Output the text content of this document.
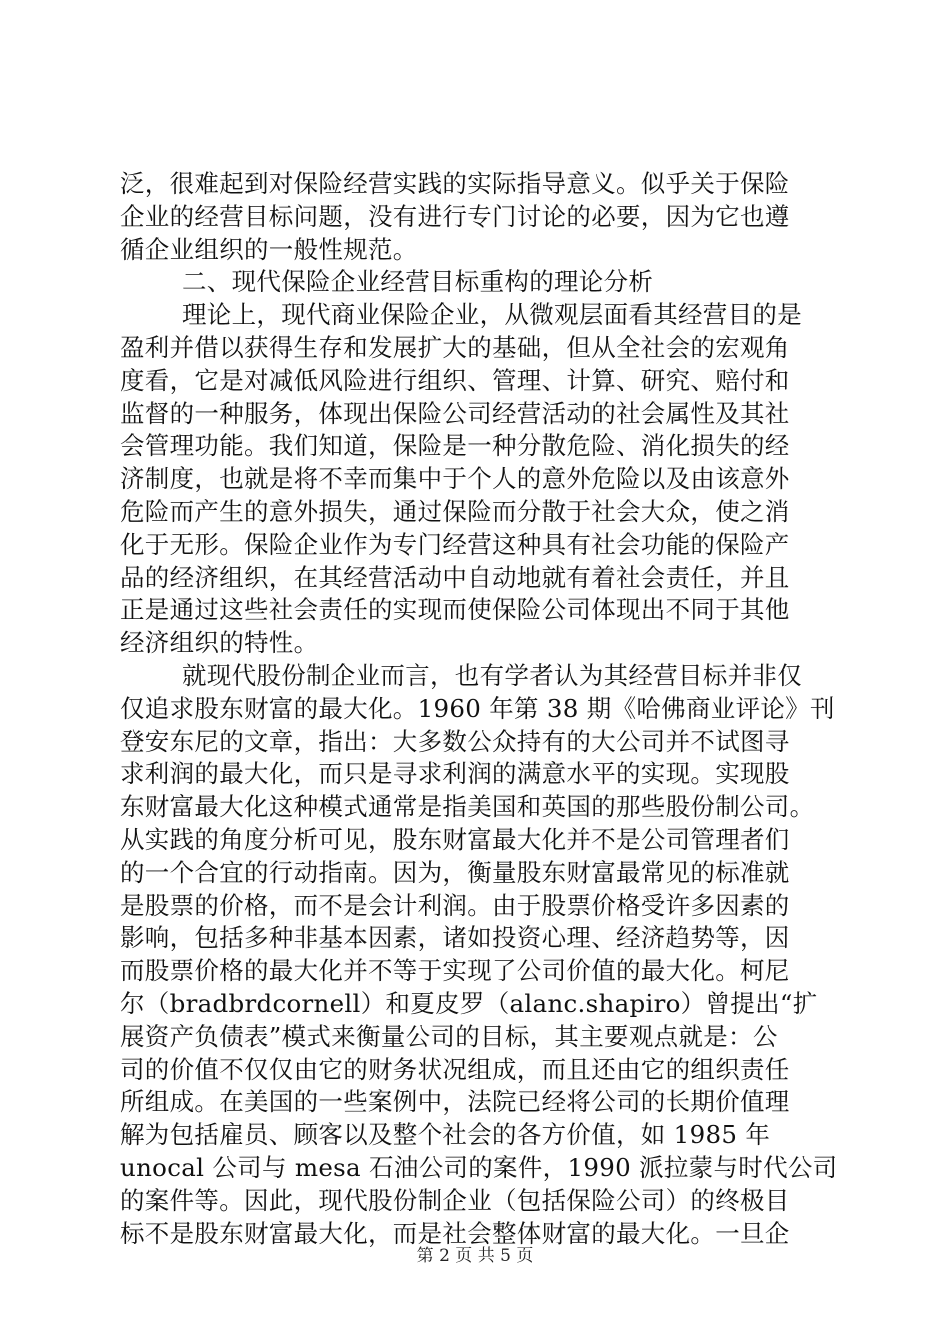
泛，很难起到对保险经营实践的实际指导意义。似乎关于保险
企业的经营目标问题，没有进行专门讨论的必要，因为它也遵
循企业组织的一般性规范。
二、现代保险企业经营目标重构的理论分析
理论上，现代商业保险企业，从微观层面看其经营目的是
盈利并借以获得生存和发展扩大的基础，但从全社会的宏观角
度看，它是对减低风险进行组织、管理、计算、研究、赔付和
监督的一种服务，体现出保险公司经营活动的社会属性及其社
会管理功能。我们知道，保险是一种分散危险、消化损失的经
济制度，也就是将不幸而集中于个人的意外危险以及由该意外
危险而产生的意外损失，通过保险而分散于社会大众，使之消
化于无形。保险企业作为专门经营这种具有社会功能的保险产
品的经济组织，在其经营活动中自动地就有着社会责任，并且
正是通过这些社会责任的实现而使保险公司体现出不同于其他
经济组织的特性。
就现代股份制企业而言，也有学者认为其经营目标并非仅
仅追求股东财富的最大化。1960 年第 38 期《哈佛商业评论》刊
登安东尼的文章，指出：大多数公众持有的大公司并不试图寻
求利润的最大化，而只是寻求利润的满意水平的实现。实现股
东财富最大化这种模式通常是指美国和英国的那些股份制公司。
从实践的角度分析可见，股东财富最大化并不是公司管理者们
的一个合宜的行动指南。因为，衡量股东财富最常见的标准就
是股票的价格，而不是会计利润。由于股票价格受许多因素的
影响，包括多种非基本因素，诸如投资心理、经济趋势等，因
而股票价格的最大化并不等于实现了公司价值的最大化。柯尼
尔（bradbrdcornell）和夏皮罗（alanc.shapiro）曾提出“扩
展资产负债表”模式来衡量公司的目标，其主要观点就是：公
司的价值不仅仅由它的财务状况组成，而且还由它的组织责任
所组成。在美国的一些案例中，法院已经将公司的长期价值理
解为包括雇员、顾客以及整个社会的各方价值，如 1985 年
unocal 公司与 mesa 石油公司的案件，1990 派拉蒙与时代公司
的案件等。因此，现代股份制企业（包括保险公司）的终极目
标不是股东财富最大化，而是社会整体财富的最大化。一旦企
第 2 页 共 5 页
